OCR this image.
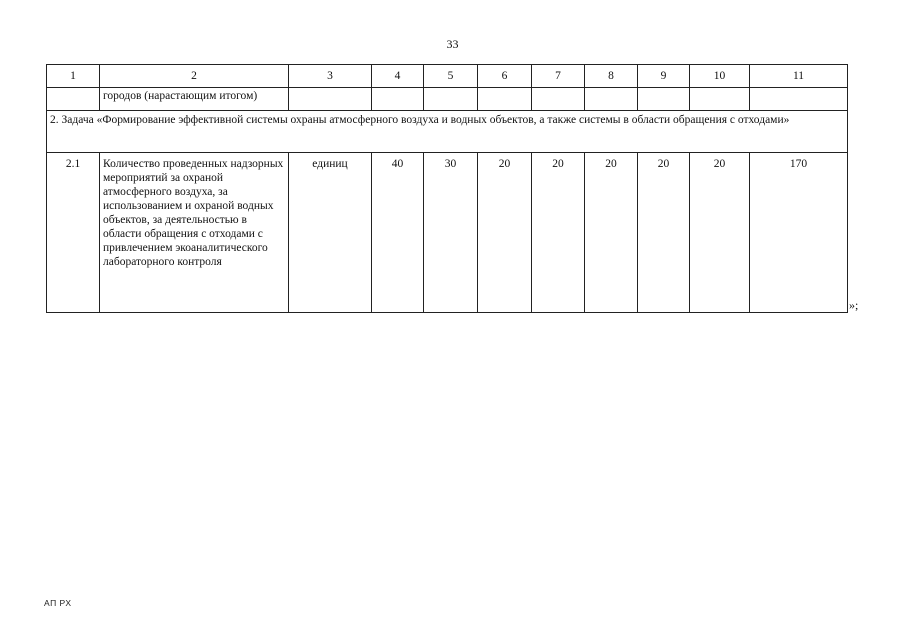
33
1	2	3	4	5	6	7	8	9	10	11
	городов (нарастающим итогом)									
2. Задача «Формирование эффективной системы охраны атмосферного воздуха и водных объектов, а также системы в области обращения с отходами»										
2.1	Количество проведенных надзорных мероприятий за охраной атмосферного воздуха, за использованием и охраной водных объектов, за деятельностью в области обращения с отходами с привлечением экоаналитического лабораторного контроля	единиц	40	30	20	20	20	20	20	170
»;
АП РХ
